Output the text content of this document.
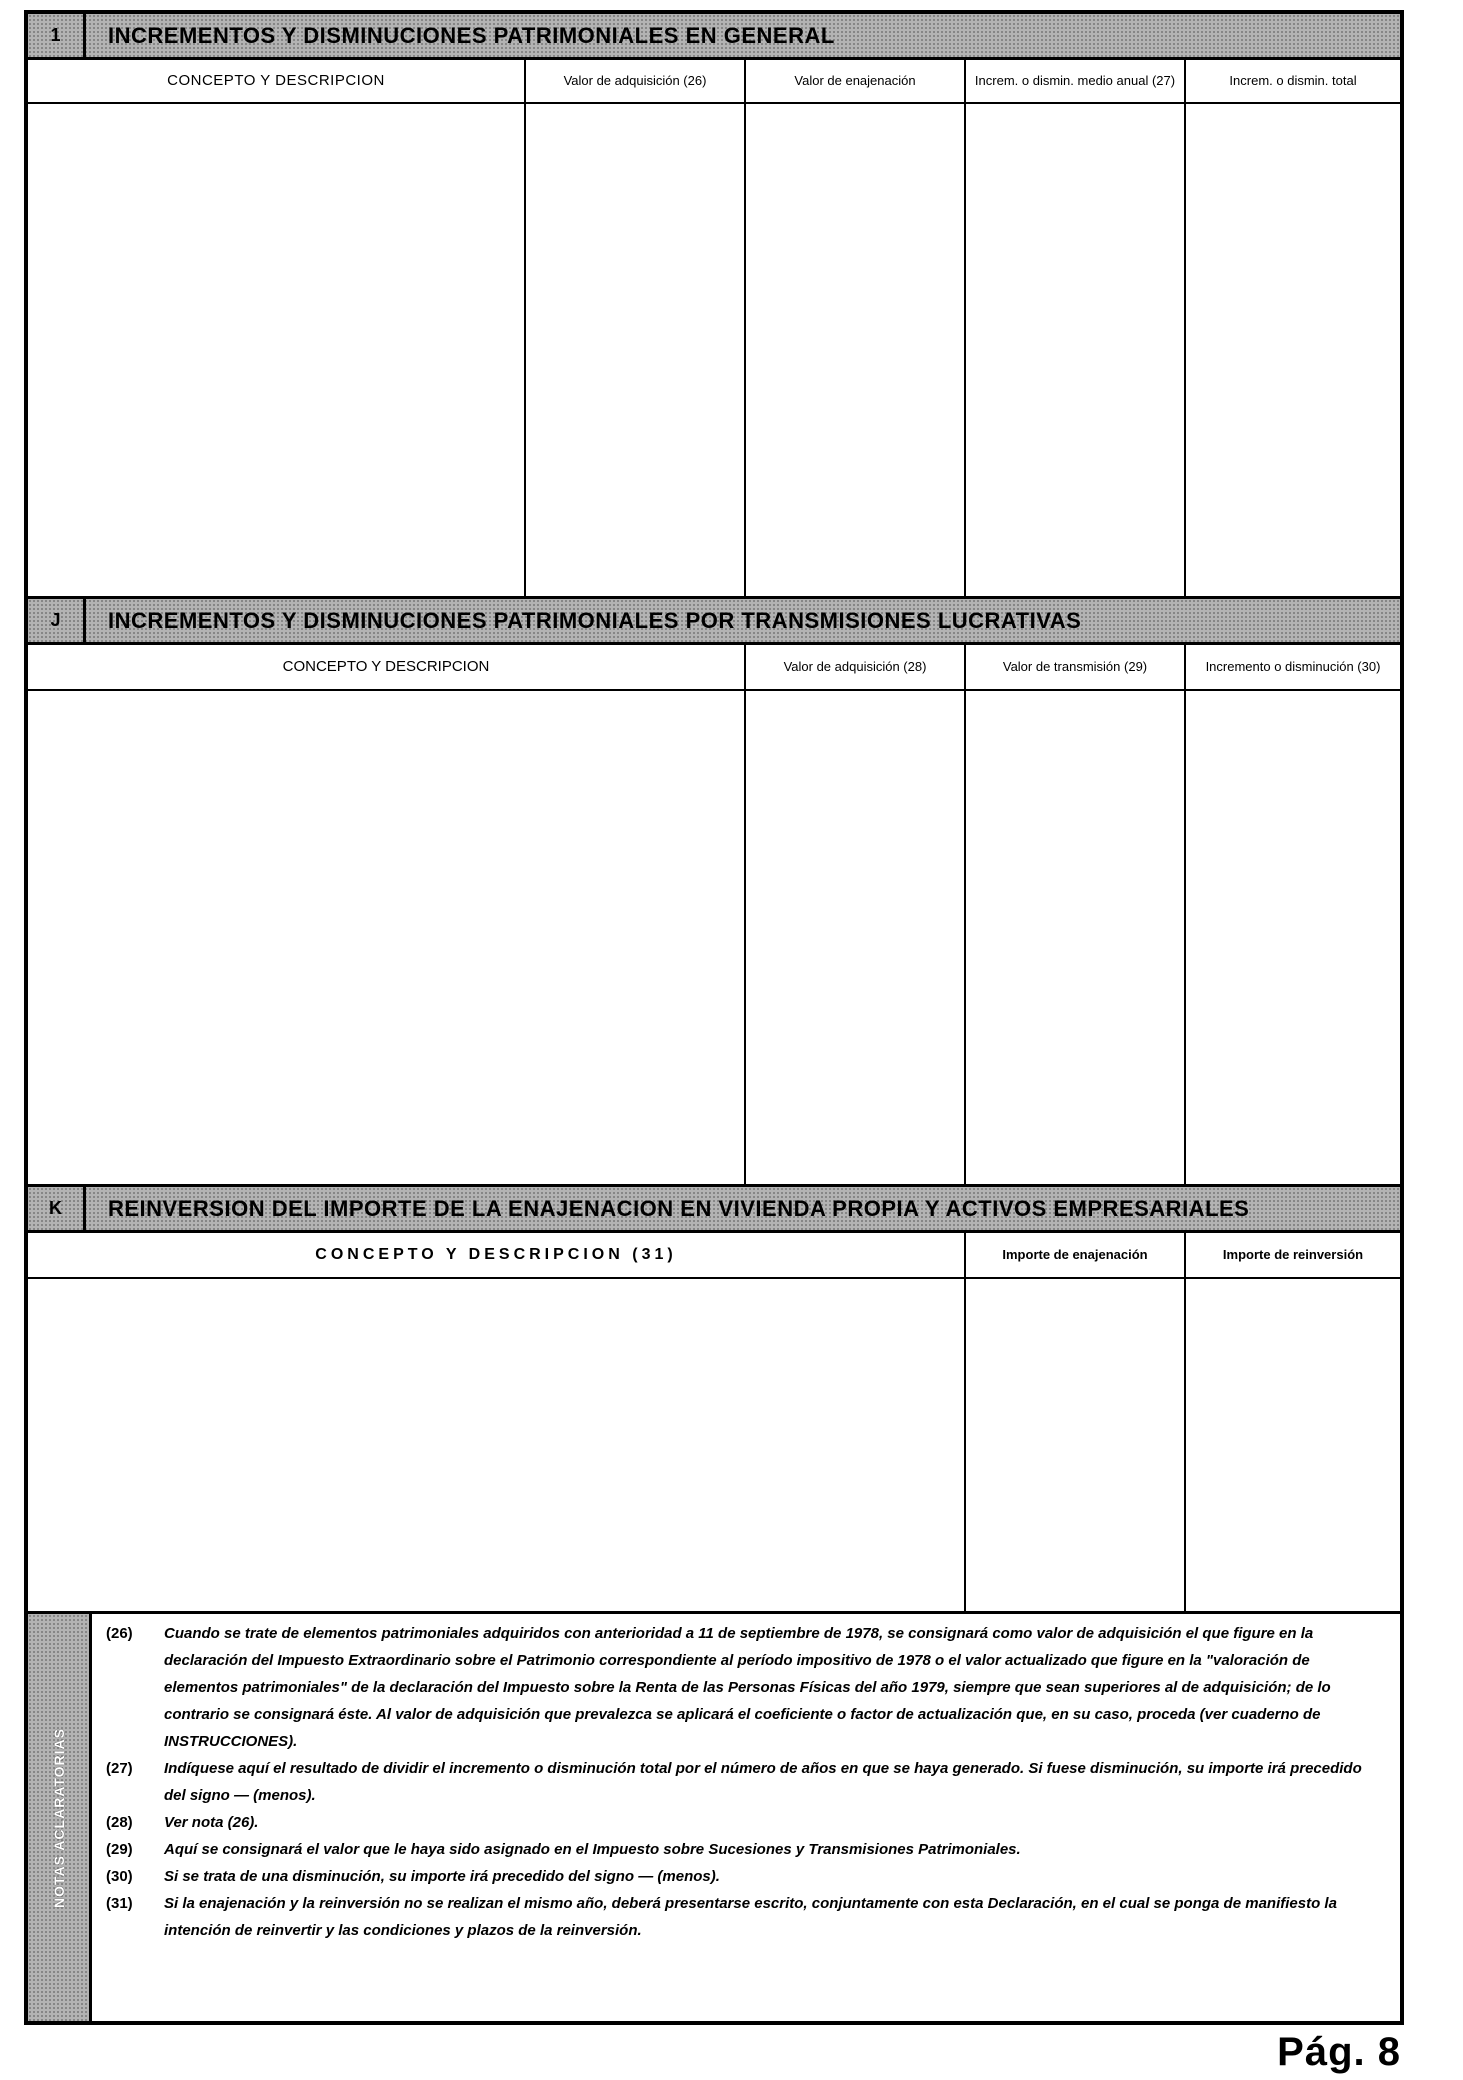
1	INCREMENTOS Y DISMINUCIONES PATRIMONIALES EN GENERAL
CONCEPTO Y DESCRIPCION	Valor de adquisición (26)	Valor de enajenación	Increm. o dismin. medio anual (27)	Increm. o dismin. total
J	INCREMENTOS Y DISMINUCIONES PATRIMONIALES POR TRANSMISIONES LUCRATIVAS
CONCEPTO Y DESCRIPCION	Valor de adquisición (28)	Valor de transmisión (29)	Incremento o disminución (30)
K	REINVERSION DEL IMPORTE DE LA ENAJENACION EN VIVIENDA PROPIA Y ACTIVOS EMPRESARIALES
CONCEPTO Y DESCRIPCION (31)	Importe de enajenación	Importe de reinversión
NOTAS ACLARATORIAS
(26) Cuando se trate de elementos patrimoniales adquiridos con anterioridad a 11 de septiembre de 1978, se consignará como valor de adquisición el que figure en la declaración del Impuesto Extraordinario sobre el Patrimonio correspondiente al período impositivo de 1978 o el valor actualizado que figure en la "valoración de elementos patrimoniales" de la declaración del Impuesto sobre la Renta de las Personas Físicas del año 1979, siempre que sean superiores al de adquisición; de lo contrario se consignará éste. Al valor de adquisición que prevalezca se aplicará el coeficiente o factor de actualización que, en su caso, proceda (ver cuaderno de INSTRUCCIONES).
(27) Indíquese aquí el resultado de dividir el incremento o disminución total por el número de años en que se haya generado. Si fuese disminución, su importe irá precedido del signo — (menos).
(28) Ver nota (26).
(29) Aquí se consignará el valor que le haya sido asignado en el Impuesto sobre Sucesiones y Transmisiones Patrimoniales.
(30) Si se trata de una disminución, su importe irá precedido del signo — (menos).
(31) Si la enajenación y la reinversión no se realizan el mismo año, deberá presentarse escrito, conjuntamente con esta Declaración, en el cual se ponga de manifiesto la intención de reinvertir y las condiciones y plazos de la reinversión.
Pág. 8
